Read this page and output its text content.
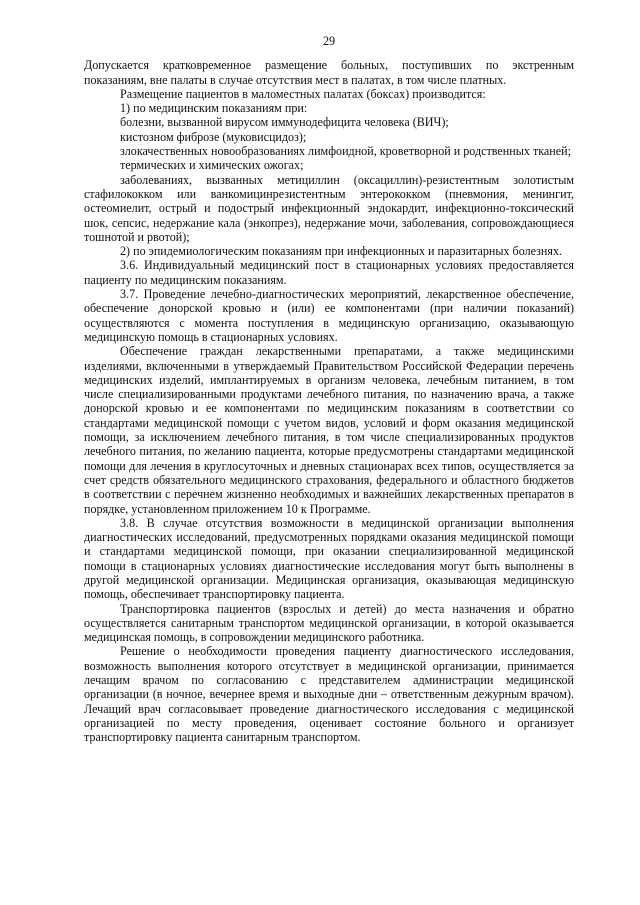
29

Допускается кратковременное размещение больных, поступивших по экстренным показаниям, вне палаты в случае отсутствия мест в палатах, в том числе платных.

Размещение пациентов в маломестных палатах (боксах) производится:

1) по медицинским показаниям при:

болезни, вызванной вирусом иммунодефицита человека (ВИЧ);

кистозном фиброзе (муковисцидоз);

злокачественных новообразованиях лимфоидной, кроветворной и родственных тканей;

термических и химических ожогах;

заболеваниях, вызванных метициллин (оксациллин)-резистентным золотистым стафилококком или ванкомицинрезистентным энтерококком (пневмония, менингит, остеомиелит, острый и подострый инфекционный эндокардит, инфекционно-токсический шок, сепсис, недержание кала (энкопрез), недержание мочи, заболевания, сопровождающиеся тошнотой и рвотой);

2) по эпидемиологическим показаниям при инфекционных и паразитарных болезнях.

3.6. Индивидуальный медицинский пост в стационарных условиях предоставляется пациенту по медицинским показаниям.

3.7. Проведение лечебно-диагностических мероприятий, лекарственное обеспечение, обеспечение донорской кровью и (или) ее компонентами (при наличии показаний) осуществляются с момента поступления в медицинскую организацию, оказывающую медицинскую помощь в стационарных условиях.

Обеспечение граждан лекарственными препаратами, а также медицинскими изделиями, включенными в утверждаемый Правительством Российской Федерации перечень медицинских изделий, имплантируемых в организм человека, лечебным питанием, в том числе специализированными продуктами лечебного питания, по назначению врача, а также донорской кровью и ее компонентами по медицинским показаниям в соответствии со стандартами медицинской помощи с учетом видов, условий и форм оказания медицинской помощи, за исключением лечебного питания, в том числе специализированных продуктов лечебного питания, по желанию пациента, которые предусмотрены стандартами медицинской помощи для лечения в круглосуточных и дневных стационарах всех типов, осуществляется за счет средств обязательного медицинского страхования, федерального и областного бюджетов в соответствии с перечнем жизненно необходимых и важнейших лекарственных препаратов в порядке, установленном приложением 10 к Программе.

3.8. В случае отсутствия возможности в медицинской организации выполнения диагностических исследований, предусмотренных порядками оказания медицинской помощи и стандартами медицинской помощи, при оказании специализированной медицинской помощи в стационарных условиях диагностические исследования могут быть выполнены в другой медицинской организации. Медицинская организация, оказывающая медицинскую помощь, обеспечивает транспортировку пациента.

Транспортировка пациентов (взрослых и детей) до места назначения и обратно осуществляется санитарным транспортом медицинской организации, в которой оказывается медицинская помощь, в сопровождении медицинского работника.

Решение о необходимости проведения пациенту диагностического исследования, возможность выполнения которого отсутствует в медицинской организации, принимается лечащим врачом по согласованию с представителем администрации медицинской организации (в ночное, вечернее время и выходные дни – ответственным дежурным врачом). Лечащий врач согласовывает проведение диагностического исследования с медицинской организацией по месту проведения, оценивает состояние больного и организует транспортировку пациента санитарным транспортом.
